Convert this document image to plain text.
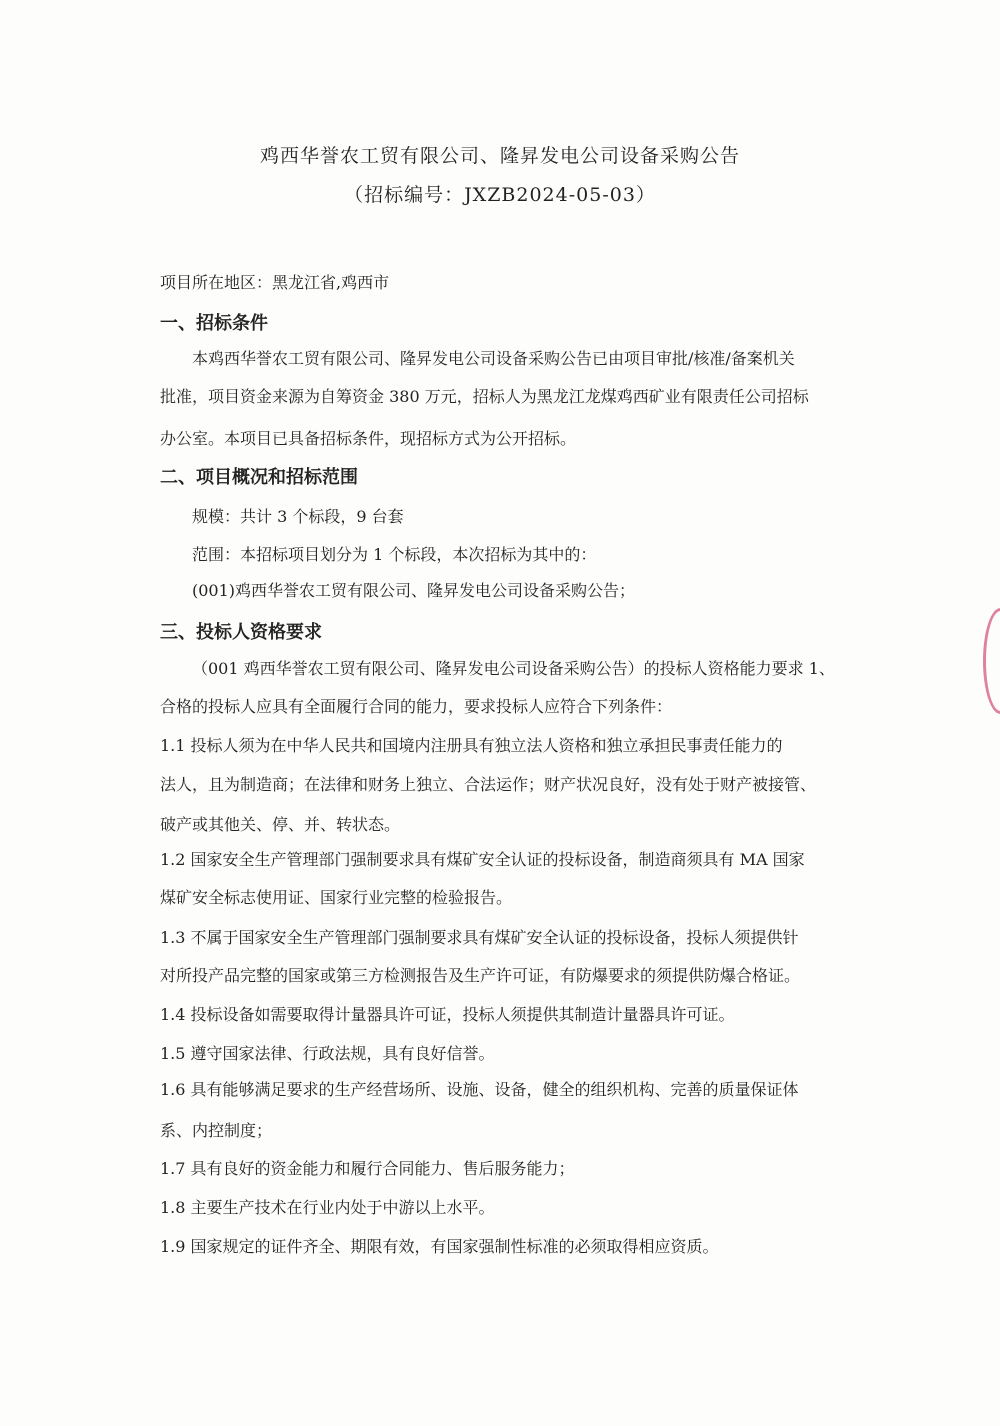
鸡西华誉农工贸有限公司、隆昇发电公司设备采购公告
（招标编号：JXZB2024-05-03）
项目所在地区：黑龙江省,鸡西市
一、招标条件
本鸡西华誉农工贸有限公司、隆昇发电公司设备采购公告已由项目审批/核准/备案机关
批准，项目资金来源为自筹资金 380 万元，招标人为黑龙江龙煤鸡西矿业有限责任公司招标
办公室。本项目已具备招标条件，现招标方式为公开招标。
二、项目概况和招标范围
规模：共计 3 个标段，9 台套
范围：本招标项目划分为 1 个标段，本次招标为其中的：
(001)鸡西华誉农工贸有限公司、隆昇发电公司设备采购公告；
三、投标人资格要求
（001 鸡西华誉农工贸有限公司、隆昇发电公司设备采购公告）的投标人资格能力要求 1、
合格的投标人应具有全面履行合同的能力，要求投标人应符合下列条件：
1.1 投标人须为在中华人民共和国境内注册具有独立法人资格和独立承担民事责任能力的
法人，且为制造商；在法律和财务上独立、合法运作；财产状况良好，没有处于财产被接管、
破产或其他关、停、并、转状态。
1.2 国家安全生产管理部门强制要求具有煤矿安全认证的投标设备，制造商须具有 MA 国家
煤矿安全标志使用证、国家行业完整的检验报告。
1.3 不属于国家安全生产管理部门强制要求具有煤矿安全认证的投标设备，投标人须提供针
对所投产品完整的国家或第三方检测报告及生产许可证，有防爆要求的须提供防爆合格证。
1.4 投标设备如需要取得计量器具许可证，投标人须提供其制造计量器具许可证。
1.5 遵守国家法律、行政法规，具有良好信誉。
1.6 具有能够满足要求的生产经营场所、设施、设备，健全的组织机构、完善的质量保证体
系、内控制度；
1.7 具有良好的资金能力和履行合同能力、售后服务能力；
1.8 主要生产技术在行业内处于中游以上水平。
1.9 国家规定的证件齐全、期限有效，有国家强制性标准的必须取得相应资质。
